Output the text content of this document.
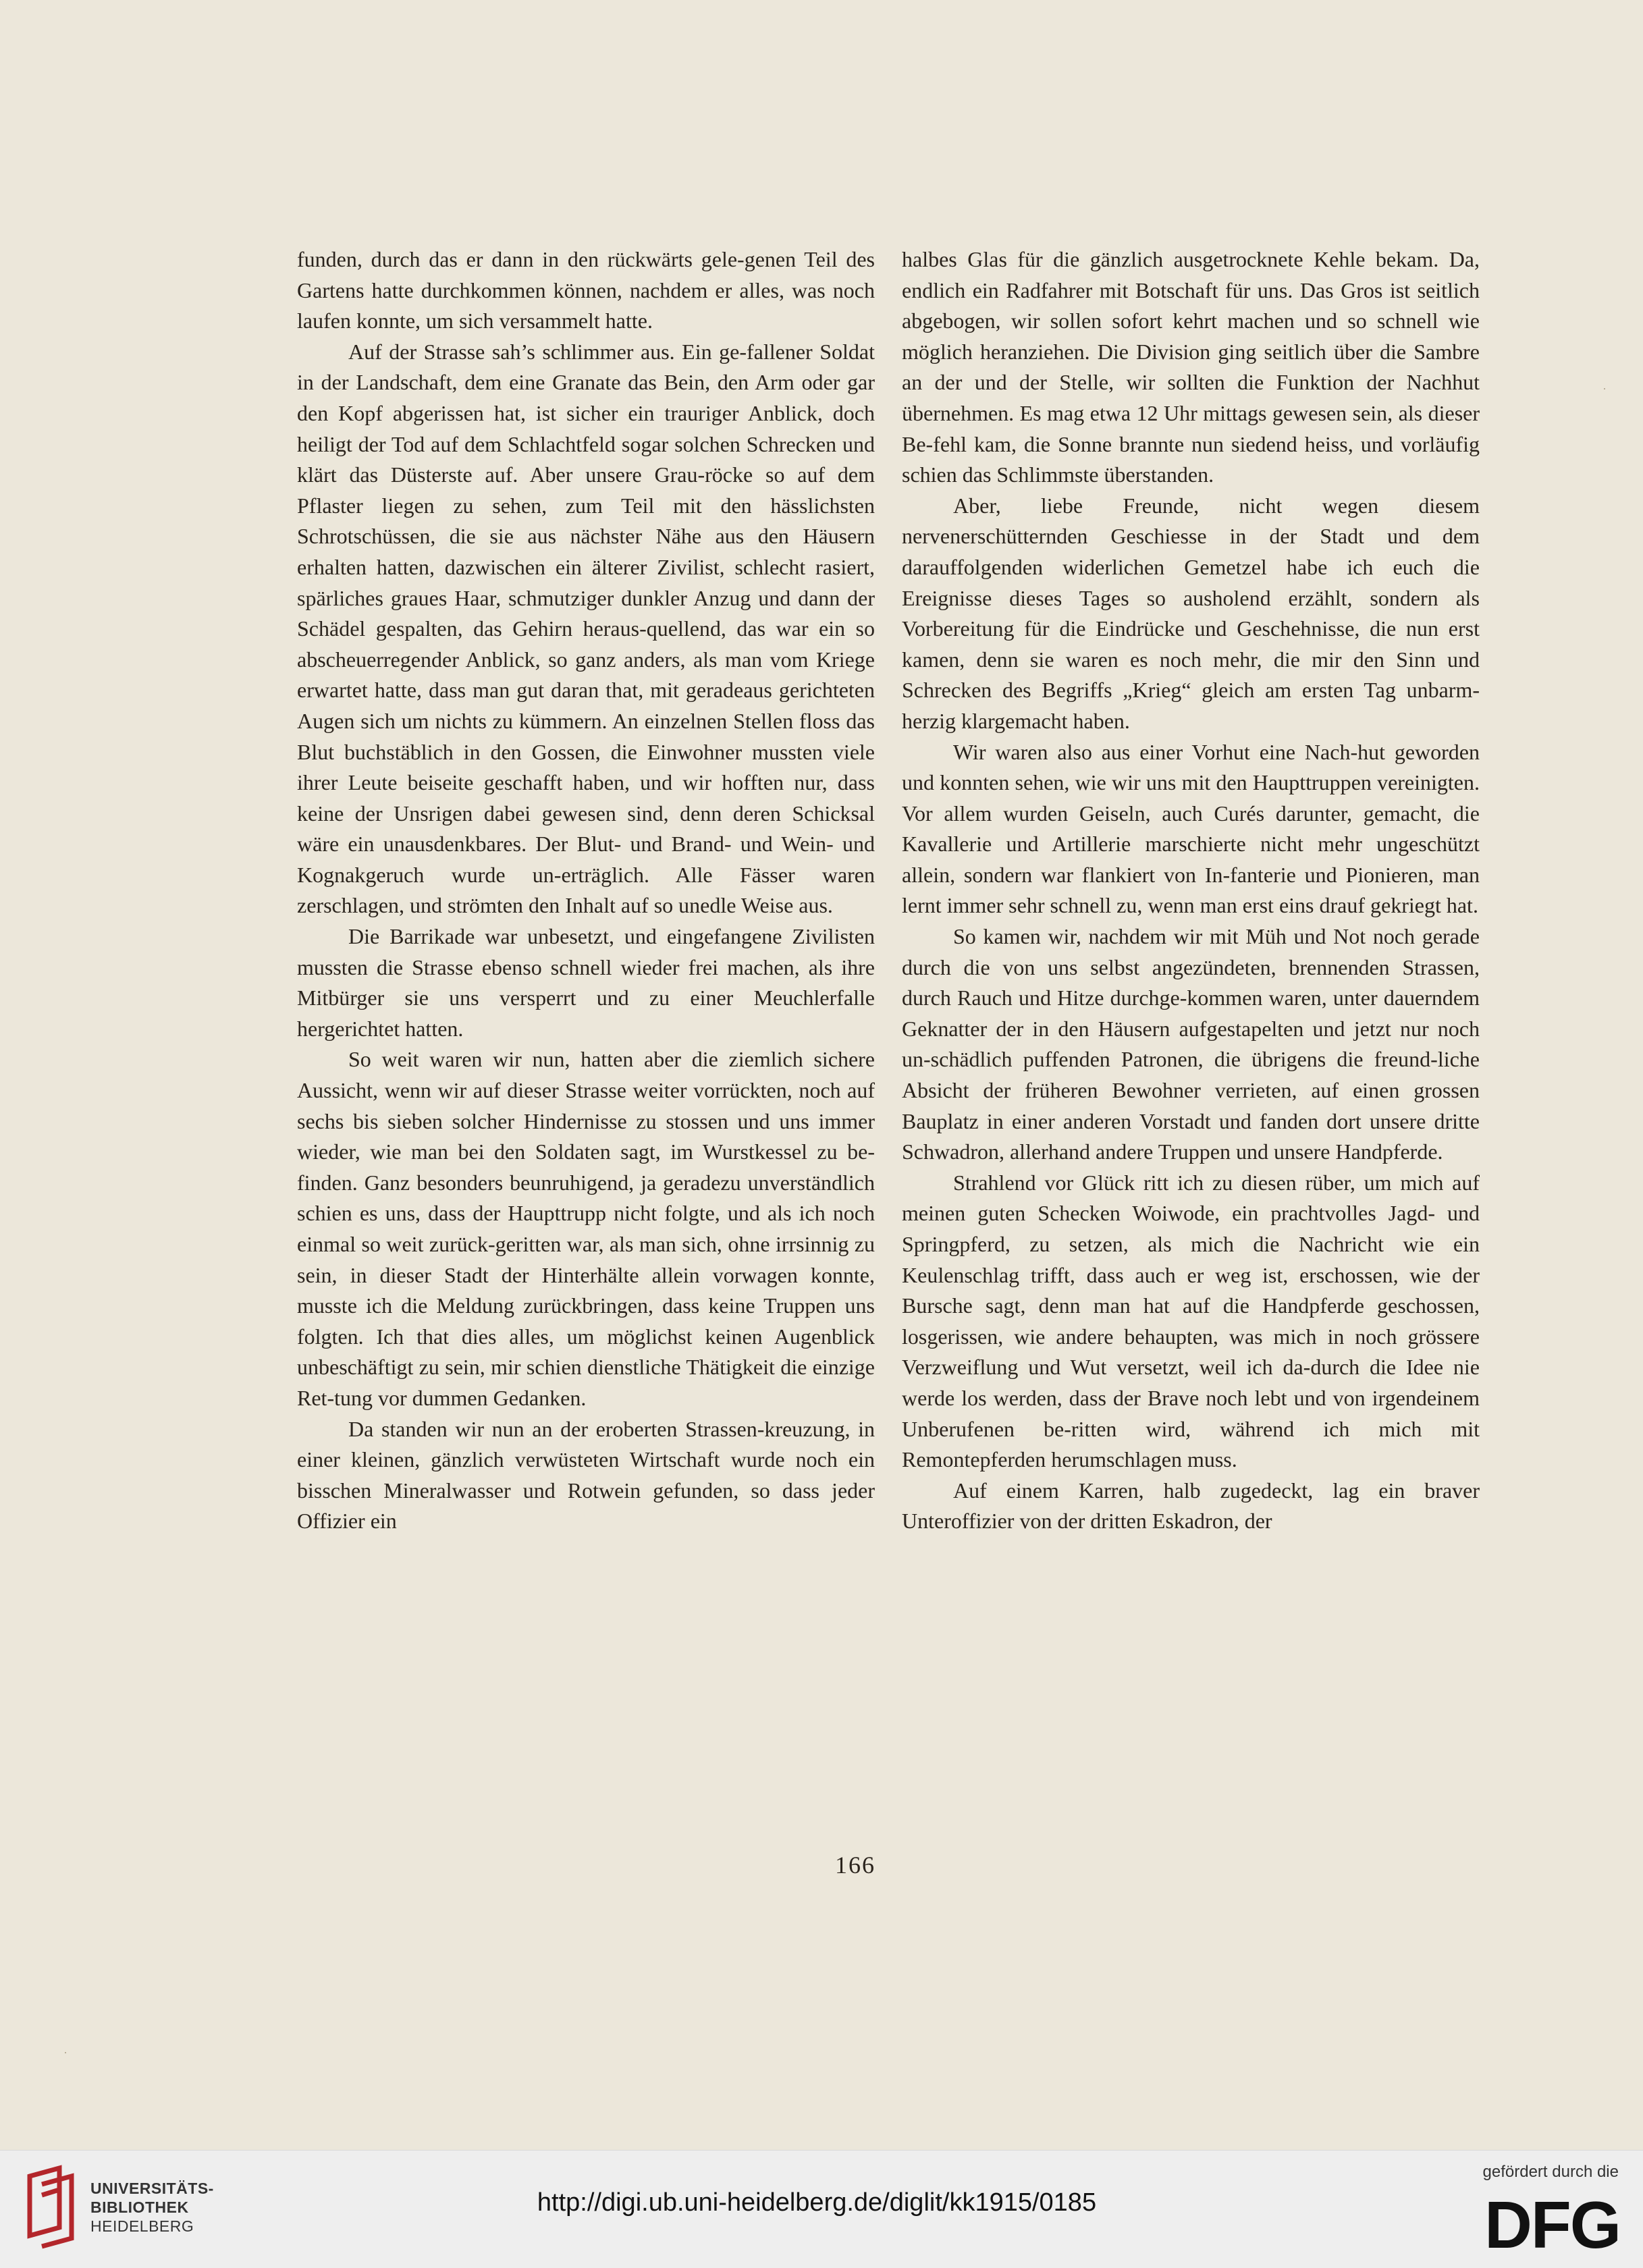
funden, durch das er dann in den rückwärts gele-genen Teil des Gartens hatte durchkommen können, nachdem er alles, was noch laufen konnte, um sich versammelt hatte.

Auf der Strasse sah’s schlimmer aus. Ein ge-fallener Soldat in der Landschaft, dem eine Granate das Bein, den Arm oder gar den Kopf abgerissen hat, ist sicher ein trauriger Anblick, doch heiligt der Tod auf dem Schlachtfeld sogar solchen Schrecken und klärt das Düsterste auf. Aber unsere Grau-röcke so auf dem Pflaster liegen zu sehen, zum Teil mit den hässlichsten Schrotschüssen, die sie aus nächster Nähe aus den Häusern erhalten hatten, dazwischen ein älterer Zivilist, schlecht rasiert, spärliches graues Haar, schmutziger dunkler Anzug und dann der Schädel gespalten, das Gehirn heraus-quellend, das war ein so abscheuerregender Anblick, so ganz anders, als man vom Kriege erwartet hatte, dass man gut daran that, mit geradeaus gerichteten Augen sich um nichts zu kümmern. An einzelnen Stellen floss das Blut buchstäblich in den Gossen, die Einwohner mussten viele ihrer Leute beiseite geschafft haben, und wir hofften nur, dass keine der Unsrigen dabei gewesen sind, denn deren Schicksal wäre ein unausdenkbares. Der Blut- und Brand- und Wein- und Kognakgeruch wurde un-erträglich. Alle Fässer waren zerschlagen, und strömten den Inhalt auf so unedle Weise aus.

Die Barrikade war unbesetzt, und eingefangene Zivilisten mussten die Strasse ebenso schnell wieder frei machen, als ihre Mitbürger sie uns versperrt und zu einer Meuchlerfalle hergerichtet hatten.

So weit waren wir nun, hatten aber die ziemlich sichere Aussicht, wenn wir auf dieser Strasse weiter vorrückten, noch auf sechs bis sieben solcher Hindernisse zu stossen und uns immer wieder, wie man bei den Soldaten sagt, im Wurstkessel zu be-finden. Ganz besonders beunruhigend, ja geradezu unverständlich schien es uns, dass der Haupttrupp nicht folgte, und als ich noch einmal so weit zurück-geritten war, als man sich, ohne irrsinnig zu sein, in dieser Stadt der Hinterhälte allein vorwagen konnte, musste ich die Meldung zurückbringen, dass keine Truppen uns folgten. Ich that dies alles, um möglichst keinen Augenblick unbeschäftigt zu sein, mir schien dienstliche Thätigkeit die einzige Ret-tung vor dummen Gedanken.

Da standen wir nun an der eroberten Strassen-kreuzung, in einer kleinen, gänzlich verwüsteten Wirtschaft wurde noch ein bisschen Mineralwasser und Rotwein gefunden, so dass jeder Offizier ein

halbes Glas für die gänzlich ausgetrocknete Kehle bekam. Da, endlich ein Radfahrer mit Botschaft für uns. Das Gros ist seitlich abgebogen, wir sollen sofort kehrt machen und so schnell wie möglich heranziehen. Die Division ging seitlich über die Sambre an der und der Stelle, wir sollten die Funktion der Nachhut übernehmen. Es mag etwa 12 Uhr mittags gewesen sein, als dieser Be-fehl kam, die Sonne brannte nun siedend heiss, und vorläufig schien das Schlimmste überstanden.

Aber, liebe Freunde, nicht wegen diesem nervenerschütternden Geschiesse in der Stadt und dem darauffolgenden widerlichen Gemetzel habe ich euch die Ereignisse dieses Tages so ausholend erzählt, sondern als Vorbereitung für die Eindrücke und Geschehnisse, die nun erst kamen, denn sie waren es noch mehr, die mir den Sinn und Schrecken des Begriffs „Krieg“ gleich am ersten Tag unbarm-herzig klargemacht haben.

Wir waren also aus einer Vorhut eine Nach-hut geworden und konnten sehen, wie wir uns mit den Haupttruppen vereinigten. Vor allem wurden Geiseln, auch Curés darunter, gemacht, die Kavallerie und Artillerie marschierte nicht mehr ungeschützt allein, sondern war flankiert von In-fanterie und Pionieren, man lernt immer sehr schnell zu, wenn man erst eins drauf gekriegt hat.

So kamen wir, nachdem wir mit Müh und Not noch gerade durch die von uns selbst angezündeten, brennenden Strassen, durch Rauch und Hitze durchge-kommen waren, unter dauerndem Geknatter der in den Häusern aufgestapelten und jetzt nur noch un-schädlich puffenden Patronen, die übrigens die freund-liche Absicht der früheren Bewohner verrieten, auf einen grossen Bauplatz in einer anderen Vorstadt und fanden dort unsere dritte Schwadron, allerhand andere Truppen und unsere Handpferde.

Strahlend vor Glück ritt ich zu diesen rüber, um mich auf meinen guten Schecken Woiwode, ein prachtvolles Jagd- und Springpferd, zu setzen, als mich die Nachricht wie ein Keulenschlag trifft, dass auch er weg ist, erschossen, wie der Bursche sagt, denn man hat auf die Handpferde geschossen, losgerissen, wie andere behaupten, was mich in noch grössere Verzweiflung und Wut versetzt, weil ich da-durch die Idee nie werde los werden, dass der Brave noch lebt und von irgendeinem Unberufenen be-ritten wird, während ich mich mit Remontepferden herumschlagen muss.

Auf einem Karren, halb zugedeckt, lag ein braver Unteroffizier von der dritten Eskadron, der

166
UNIVERSITÄTS-
BIBLIOTHEK
HEIDELBERG
http://digi.ub.uni-heidelberg.de/diglit/kk1915/0185
gefördert durch die
DFG
